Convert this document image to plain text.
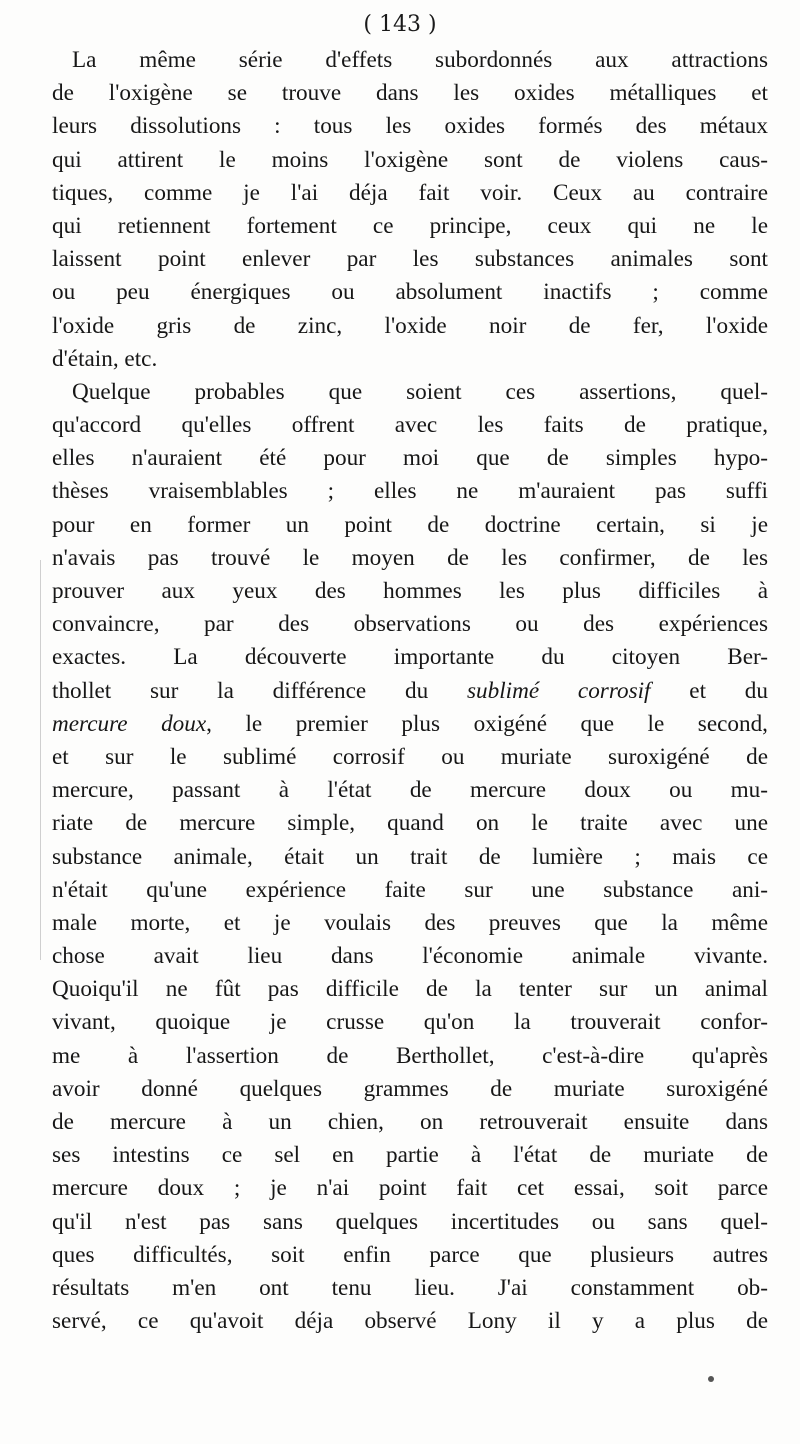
( 143 )
La même série d'effets subordonnés aux attractions
de l'oxigène se trouve dans les oxides métalliques et
leurs dissolutions : tous les oxides formés des métaux
qui attirent le moins l'oxigène sont de violens caus-
tiques, comme je l'ai déja fait voir. Ceux au contraire
qui retiennent fortement ce principe, ceux qui ne le
laissent point enlever par les substances animales sont
ou peu énergiques ou absolument inactifs ; comme
l'oxide gris de zinc, l'oxide noir de fer, l'oxide
d'étain, etc.
Quelque probables que soient ces assertions, quel-
qu'accord qu'elles offrent avec les faits de pratique,
elles n'auraient été pour moi que de simples hypo-
thèses vraisemblables ; elles ne m'auraient pas suffi
pour en former un point de doctrine certain, si je
n'avais pas trouvé le moyen de les confirmer, de les
prouver aux yeux des hommes les plus difficiles à
convaincre, par des observations ou des expériences
exactes. La découverte importante du citoyen Ber-
thollet sur la différence du sublimé corrosif et du
mercure doux, le premier plus oxigéné que le second,
et sur le sublimé corrosif ou muriate suroxigéné de
mercure, passant à l'état de mercure doux ou mu-
riate de mercure simple, quand on le traite avec une
substance animale, était un trait de lumière ; mais ce
n'était qu'une expérience faite sur une substance ani-
male morte, et je voulais des preuves que la même
chose avait lieu dans l'économie animale vivante.
Quoiqu'il ne fût pas difficile de la tenter sur un animal
vivant, quoique je crusse qu'on la trouverait confor-
me à l'assertion de Berthollet, c'est-à-dire qu'après
avoir donné quelques grammes de muriate suroxigéné
de mercure à un chien, on retrouverait ensuite dans
ses intestins ce sel en partie à l'état de muriate de
mercure doux ; je n'ai point fait cet essai, soit parce
qu'il n'est pas sans quelques incertitudes ou sans quel-
ques difficultés, soit enfin parce que plusieurs autres
résultats m'en ont tenu lieu. J'ai constamment ob-
servé, ce qu'avoit déja observé Lony il y a plus de
